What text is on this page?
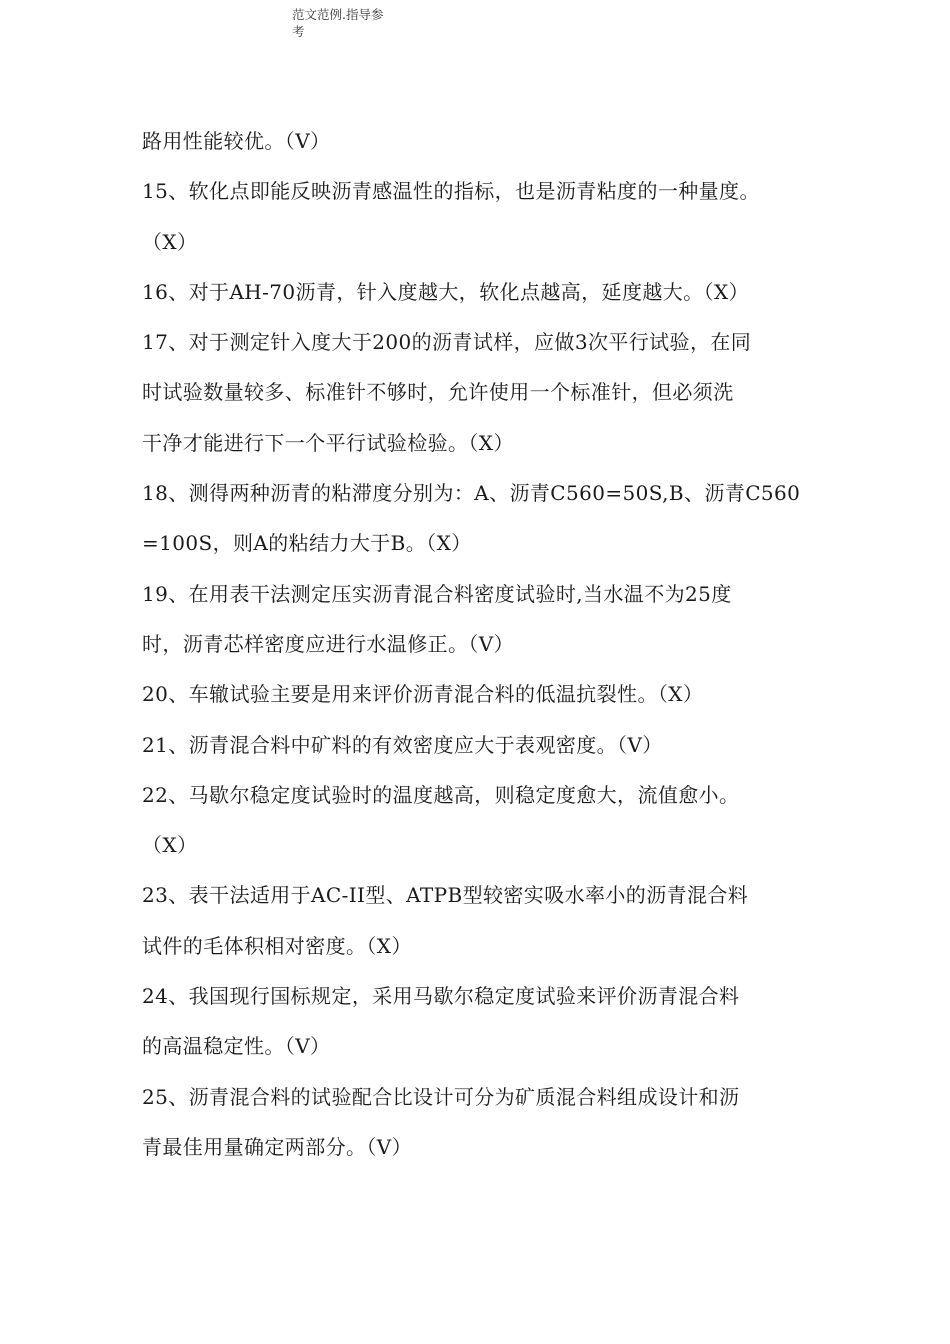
范文范例.指导参
考
路用性能较优。（V）
15、软化点即能反映沥青感温性的指标，也是沥青粘度的一种量度。
（X）
16、对于AH-70沥青，针入度越大，软化点越高，延度越大。（X）
17、对于测定针入度大于200的沥青试样，应做3次平行试验，在同
时试验数量较多、标准针不够时，允许使用一个标准针，但必须洗
干净才能进行下一个平行试验检验。（X）
18、测得两种沥青的粘滞度分别为：A、沥青C560=50S,B、沥青C560
=100S，则A的粘结力大于B。（X）
19、在用表干法测定压实沥青混合料密度试验时,当水温不为25度
时，沥青芯样密度应进行水温修正。（V）
20、车辙试验主要是用来评价沥青混合料的低温抗裂性。（X）
21、沥青混合料中矿料的有效密度应大于表观密度。（V）
22、马歇尔稳定度试验时的温度越高，则稳定度愈大，流值愈小。
（X）
23、表干法适用于AC-II型、ATPB型较密实吸水率小的沥青混合料
试件的毛体积相对密度。（X）
24、我国现行国标规定，采用马歇尔稳定度试验来评价沥青混合料
的高温稳定性。（V）
25、沥青混合料的试验配合比设计可分为矿质混合料组成设计和沥
青最佳用量确定两部分。（V）
